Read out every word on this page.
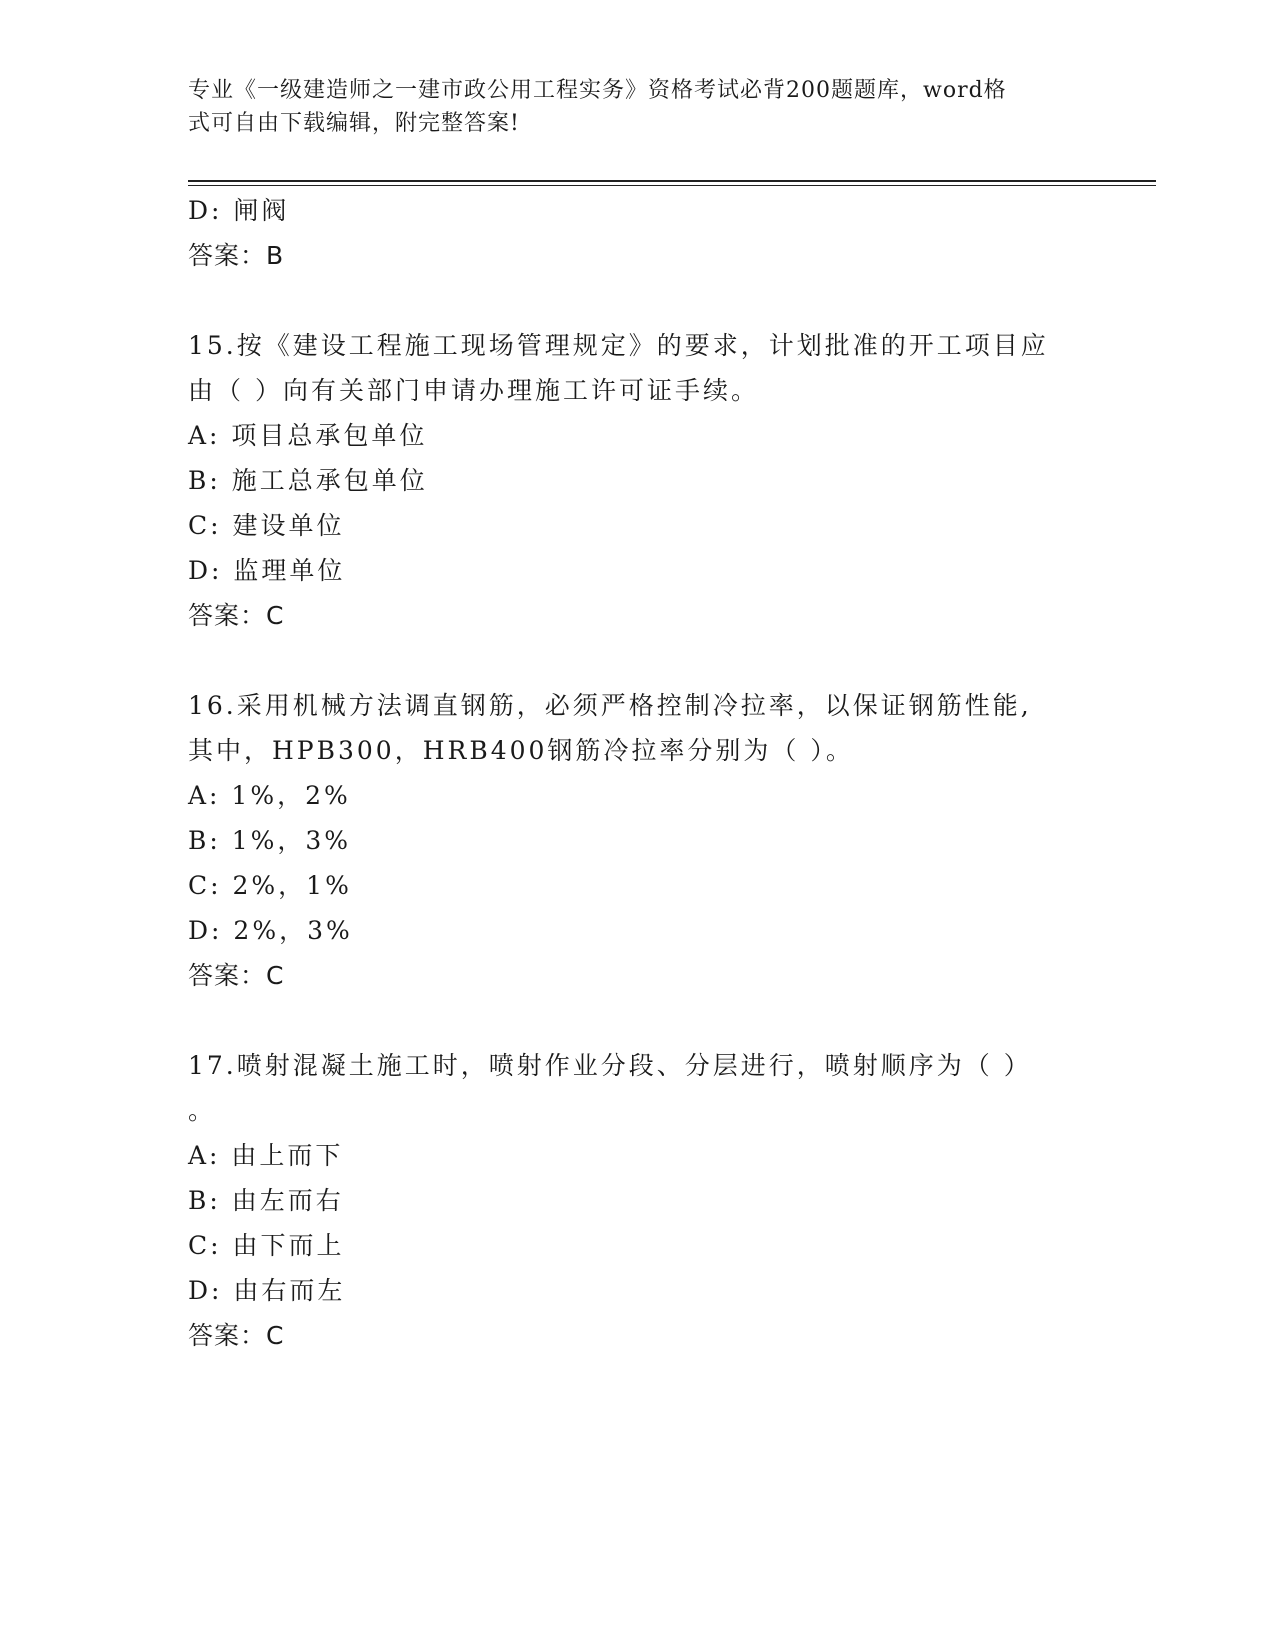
专业《一级建造师之一建市政公用工程实务》资格考试必背200题题库，word格
式可自由下载编辑，附完整答案!
D: 闸阀
答案：B
15.按《建设工程施工现场管理规定》的要求，计划批准的开工项目应
由（ ）向有关部门申请办理施工许可证手续。
A: 项目总承包单位
B: 施工总承包单位
C: 建设单位
D: 监理单位
答案：C
16.采用机械方法调直钢筋，必须严格控制冷拉率，以保证钢筋性能,
其中，HPB300，HRB400钢筋冷拉率分别为（ ）。
A: 1%，2%
B: 1%，3%
C: 2%，1%
D: 2%，3%
答案：C
17.喷射混凝土施工时，喷射作业分段、分层进行，喷射顺序为（ ）
。
A: 由上而下
B: 由左而右
C: 由下而上
D: 由右而左
答案：C
